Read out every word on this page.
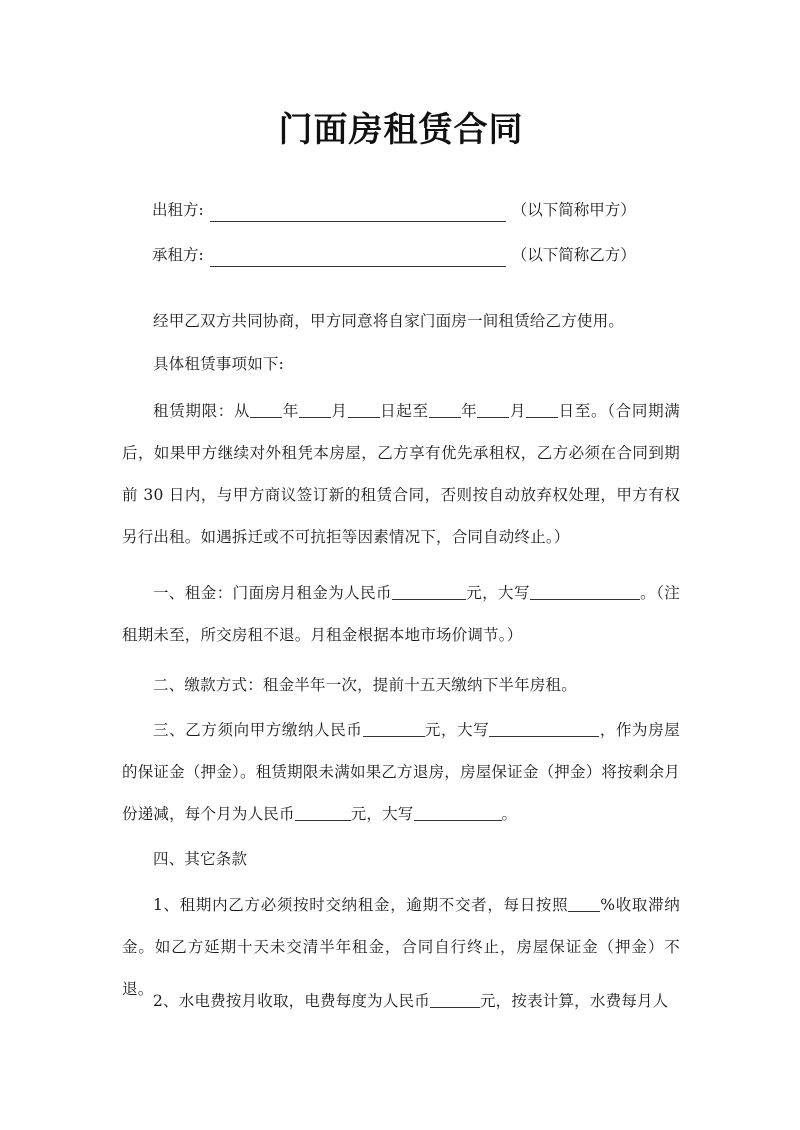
门面房租赁合同
出租方:	（以下简称甲方）
承租方:	（以下简称乙方）
经甲乙双方共同协商，甲方同意将自家门面房一间租赁给乙方使用。
具体租赁事项如下:
租赁期限：从 年 月 日起至 年 月 日至。（合同期满后，如果甲方继续对外租凭本房屋，乙方享有优先承租权，乙方必须在合同到期前 30 日内，与甲方商议签订新的租赁合同，否则按自动放弃权处理，甲方有权另行出租。如遇拆迁或不可抗拒等因素情况下，合同自动终止。）
一、租金：门面房月租金为人民币	元，大写	。（注租期未至，所交房租不退。月租金根据本地市场价调节。）
二、缴款方式：租金半年一次，提前十五天缴纳下半年房租。
三、乙方须向甲方缴纳人民币	元，大写	，作为房屋的保证金（押金）。租赁期限未满如果乙方退房，房屋保证金（押金）将按剩余月份递减，每个月为人民币	元，大写	。
四、其它条款
1、租期内乙方必须按时交纳租金，逾期不交者，每日按照 %收取滞纳金。如乙方延期十天未交清半年租金，合同自行终止，房屋保证金（押金）不退。
2、水电费按月收取，电费每度为人民币	元，按表计算，水费每月人
